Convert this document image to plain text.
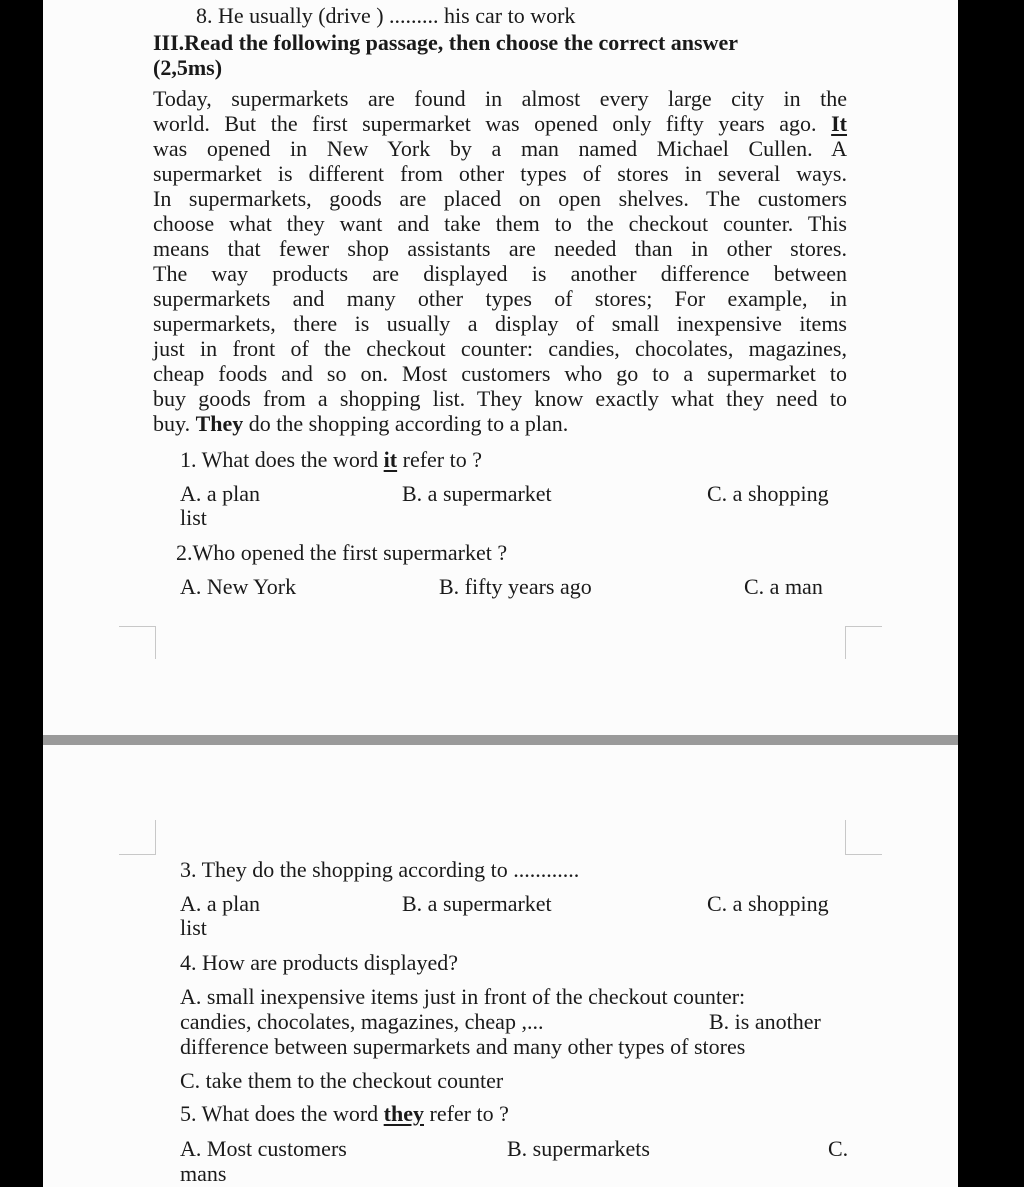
8. He usually (drive ) ......... his car to work
III.Read the following passage, then choose the correct answer
(2,5ms)
Today, supermarkets are found in almost every large city in the
world. But the first supermarket was opened only fifty years ago. It
was opened in New York by a man named Michael Cullen. A
supermarket is different from other types of stores in several ways.
In supermarkets, goods are placed on open shelves. The customers
choose what they want and take them to the checkout counter. This
means that fewer shop assistants are needed than in other stores.
The way products are displayed is another difference between
supermarkets and many other types of stores; For example, in
supermarkets, there is usually a display of small inexpensive items
just in front of the checkout counter: candies, chocolates, magazines,
cheap foods and so on. Most customers who go to a supermarket to
buy goods from a shopping list. They know exactly what they need to
buy. They do the shopping according to a plan.
1. What does the word it refer to ?
A. a plan	B. a supermarket	C. a shopping
list
2.Who opened the first supermarket ?
A. New York	B. fifty years ago	C. a man
3. They do the shopping according to ............
A. a plan	B. a supermarket	C. a shopping
list
4. How are products displayed?
A. small inexpensive items just in front of the checkout counter:
candies, chocolates, magazines, cheap ,...	B. is another
difference between supermarkets and many other types of stores
C. take them to the checkout counter
5. What does the word they refer to ?
A. Most customers	B. supermarkets	C.
mans
